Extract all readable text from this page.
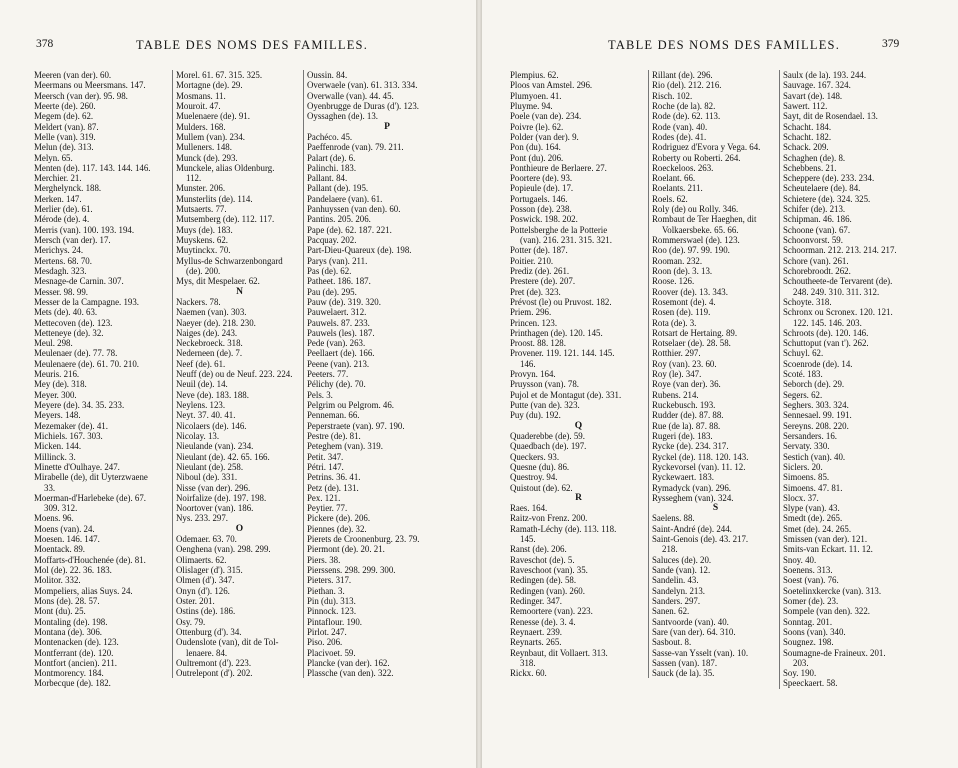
378	TABLE DES NOMS DES FAMILLES.
Meeren (van der). 60.
Meermans ou Meersmans. 147.
Meersch (van der). 95. 98.
Meerte (de). 260.
Megem (de). 62.
Meldert (van). 87.
Melle (van). 319.
Melun (de). 313.
Melyn. 65.
Menten (de). 117. 143. 144. 146.
Merchier. 21.
Merghelynck. 188.
Merken. 147.
Merlier (de). 61.
Mérode (de). 4.
Merris (van). 100. 193. 194.
Mersch (van der). 17.
Merichys. 24.
Mertens. 68. 70.
Mesdagh. 323.
Mesnage-de Carnin. 307.
Messer. 98. 99.
Messer de la Campagne. 193.
Mets (de). 40. 63.
Mettecoven (de). 123.
Metteneye (de). 32.
Meul. 298.
Meulenaer (de). 77. 78.
Meulenaere (de). 61. 70. 210.
Meuris. 216.
Mey (de). 318.
Meyer. 300.
Meyere (de). 34. 35. 233.
Meyers. 148.
Mezemaker (de). 41.
Michiels. 167. 303.
Micken. 144.
Millinck. 3.
Minette d'Oulhaye. 247.
Mirabelle (de), dit Uyterzwaene
33.
Moerman-d'Harlebeke (de). 67.
309. 312.
Moens. 96.
Moens (van). 24.
Moesen. 146. 147.
Moentack. 89.
Moffarts-d'Houchenée (de). 81.
Mol (de). 22. 36. 183.
Molitor. 332.
Mompeliers, alias Suys. 24.
Mons (de). 28. 57.
Mont (du). 25.
Montaling (de). 198.
Montana (de). 306.
Montenacken (de). 123.
Montferrant (de). 120.
Montfort (ancien). 211.
Montmorency. 184.
Morbecque (de). 182.
Morel. 61. 67. 315. 325.
Mortagne (de). 29.
Mosmans. 11.
Mouroit. 47.
Muelenaere (de). 91.
Mulders. 168.
Mullem (van). 234.
Mulleners. 148.
Munck (de). 293.
Munckele, alias Oldenburg.
112.
Munster. 206.
Munsterlits (de). 114.
Mutsaerts. 77.
Mutsemberg (de). 112. 117.
Muys (de). 183.
Muyskens. 62.
Muytinckx. 70.
Myllus-de Schwarzenbongard
(de). 200.
Mys, dit Mespelaer. 62.
N
Nackers. 78.
Naemen (van). 303.
Naeyer (de). 218. 230.
Naiges (de). 243.
Neckebroeck. 318.
Nederneen (de). 7.
Neef (de). 61.
Neuff (de) ou de Neuf. 223. 224.
Neuil (de). 14.
Neve (de). 183. 188.
Neylens. 123.
Neyt. 37. 40. 41.
Nicolaers (de). 146.
Nicolay. 13.
Nieulande (van). 234.
Nieulant (de). 42. 65. 166.
Nieulant (de). 258.
Niboul (de). 331.
Nisse (van der). 296.
Noirfalize (de). 197. 198.
Noortover (van). 186.
Nys. 233. 297.
O
Odemaer. 63. 70.
Oenghena (van). 298. 299.
Olimaerts. 62.
Olislager (d'). 315.
Olmen (d'). 347.
Onyn (d'). 126.
Oster. 201.
Ostins (de). 186.
Osy. 79.
Ottenburg (d'). 34.
Oudenslote (van), dit de Tol-
lenaere. 84.
Oultremont (d'). 223.
Outrelepont (d'). 202.
Oussin. 84.
Overwaele (van). 61. 313. 334.
Overwalle (van). 44. 45.
Oyenbrugge de Duras (d'). 123.
Oyssaghen (de). 13.
P
Pachéco. 45.
Paeffenrode (van). 79. 211.
Palart (de). 6.
Palinchi. 183.
Pallant. 84.
Pallant (de). 195.
Pandelaere (van). 61.
Panhuyssen (van den). 60.
Pantins. 205. 206.
Pape (de). 62. 187. 221.
Pacquay. 202.
Part-Dieu-Quareux (de). 198.
Parys (van). 211.
Pas (de). 62.
Patheet. 186. 187.
Pau (de). 295.
Pauw (de). 319. 320.
Pauwelaert. 312.
Pauwels. 87. 233.
Pauwels (les). 187.
Pede (van). 263.
Peellaert (de). 166.
Peene (van). 213.
Peeters. 77.
Pélichy (de). 70.
Pels. 3.
Pelgrim ou Pelgrom. 46.
Penneman. 66.
Peperstraete (van). 97. 190.
Pestre (de). 81.
Peteghem (van). 319.
Petit. 347.
Pétri. 147.
Petrins. 36. 41.
Petz (de). 131.
Pex. 121.
Peytier. 77.
Pickere (de). 206.
Piennes (de). 32.
Pierets de Croonenburg. 23. 79.
Piermont (de). 20. 21.
Piers. 38.
Pierssens. 298. 299. 300.
Pieters. 317.
Piethan. 3.
Pin (du). 313.
Pinnock. 123.
Pintaflour. 190.
Pirlot. 247.
Piso. 206.
Placivoet. 59.
Plancke (van der). 162.
Plassche (van den). 322.
TABLE DES NOMS DES FAMILLES.	379
Plempius. 62.
Ploos van Amstel. 296.
Plumyoen. 41.
Pluyme. 94.
Poele (van de). 234.
Poivre (le). 62.
Polder (van der). 9.
Pon (du). 164.
Pont (du). 206.
Ponthieure de Berlaere. 27.
Poortere (de). 93.
Popieule (de). 17.
Portugaels. 146.
Posson (de). 238.
Poswick. 198. 202.
Pottelsberghe de la Potterie
(van). 216. 231. 315. 321.
Potter (de). 187.
Poitier. 210.
Prediz (de). 261.
Prestere (de). 207.
Pret (de). 323.
Prévost (le) ou Pruvost. 182.
Priem. 296.
Princen. 123.
Printhagen (de). 120. 145.
Proost. 88. 128.
Provener. 119. 121. 144. 145.
146.
Provyn. 164.
Pruysson (van). 78.
Pujol et de Montagut (de). 331.
Putte (van de). 323.
Puy (du). 192.
Q
Quaderebbe (de). 59.
Quaedbach (de). 197.
Queckers. 93.
Quesne (du). 86.
Questroy. 94.
Quistout (de). 62.
R
Raes. 164.
Raitz-von Frenz. 200.
Ramath-Léchy (de). 113. 118.
145.
Ranst (de). 206.
Raveschot (de). 5.
Raveschoot (van). 35.
Redingen (de). 58.
Redingen (van). 260.
Redinger. 347.
Remoortere (van). 223.
Renesse (de). 3. 4.
Reynaert. 239.
Reynarts. 265.
Reynbaut, dit Vollaert. 313.
318.
Rickx. 60.
Rillant (de). 296.
Rio (del). 212. 216.
Risch. 102.
Roche (de la). 82.
Rode (de). 62. 113.
Rode (van). 40.
Rodes (de). 41.
Rodriguez d'Evora y Vega. 64.
Roberty ou Roberti. 264.
Roeckeloos. 263.
Roelant. 66.
Roelants. 211.
Roels. 62.
Roly (de) ou Rolly. 346.
Rombaut de Ter Haeghen, dit
Volkaersbeke. 65. 66.
Rommerswael (de). 123.
Roo (de). 97. 99. 190.
Rooman. 232.
Roon (de). 3. 13.
Roose. 126.
Roover (de). 13. 343.
Rosemont (de). 4.
Rosen (de). 119.
Rota (de). 3.
Rotsart de Hertaing. 89.
Rotselaer (de). 28. 58.
Rotthier. 297.
Roy (van). 23. 60.
Roy (le). 347.
Roye (van der). 36.
Rubens. 214.
Ruckebusch. 193.
Rudder (de). 87. 88.
Rue (de la). 87. 88.
Rugeri (de). 183.
Rycke (de). 234. 317.
Ryckel (de). 118. 120. 143.
Ryckevorsel (van). 11. 12.
Ryckewaert. 183.
Rymadyck (van). 296.
Rysseghem (van). 324.
S
Saelens. 88.
Saint-André (de). 244.
Saint-Genois (de). 43. 217.
218.
Saluces (de). 20.
Sande (van). 12.
Sandelin. 43.
Sandelyn. 213.
Sanders. 297.
Sanen. 62.
Santvoorde (van). 40.
Sare (van der). 64. 310.
Sasbout. 8.
Sasse-van Ysselt (van). 10.
Sassen (van). 187.
Sauck (de la). 35.
Saulx (de la). 193. 244.
Sauvage. 167. 324.
Savart (de). 148.
Sawert. 112.
Sayt, dit de Rosendael. 13.
Schacht. 184.
Schacht. 182.
Schack. 209.
Schaghen (de). 8.
Schebbens. 21.
Scheppere (de). 233. 234.
Scheutelaere (de). 84.
Schietere (de). 324. 325.
Schifer (de). 213.
Schipman. 46. 186.
Schoone (van). 67.
Schoonvorst. 59.
Schoorman. 212. 213. 214. 217.
Schore (van). 261.
Schorebroodt. 262.
Schoutheete-de Tervarent (de).
248. 249. 310. 311. 312.
Schoyte. 318.
Schronx ou Scronex. 120. 121.
122. 145. 146. 203.
Schroots (de). 120. 146.
Schuttoput (van t'). 262.
Schuyl. 62.
Scoenrode (de). 14.
Scoté. 183.
Seborch (de). 29.
Segers. 62.
Seghers. 303. 324.
Sennesael. 99. 191.
Sereyns. 208. 220.
Sersanders. 16.
Servaty. 330.
Sestich (van). 40.
Siclers. 20.
Simoens. 85.
Simoens. 47. 81.
Slocx. 37.
Slype (van). 43.
Smedt (de). 265.
Smet (de). 24. 265.
Smissen (van der). 121.
Smits-van Eckart. 11. 12.
Snoy. 40.
Soenens. 313.
Soest (van). 76.
Soetelinxkercke (van). 313.
Somer (de). 23.
Sompele (van den). 322.
Sonntag. 201.
Soons (van). 340.
Sougnez. 198.
Soumagne-de Fraineux. 201.
203.
Soy. 190.
Speeckaert. 58.
